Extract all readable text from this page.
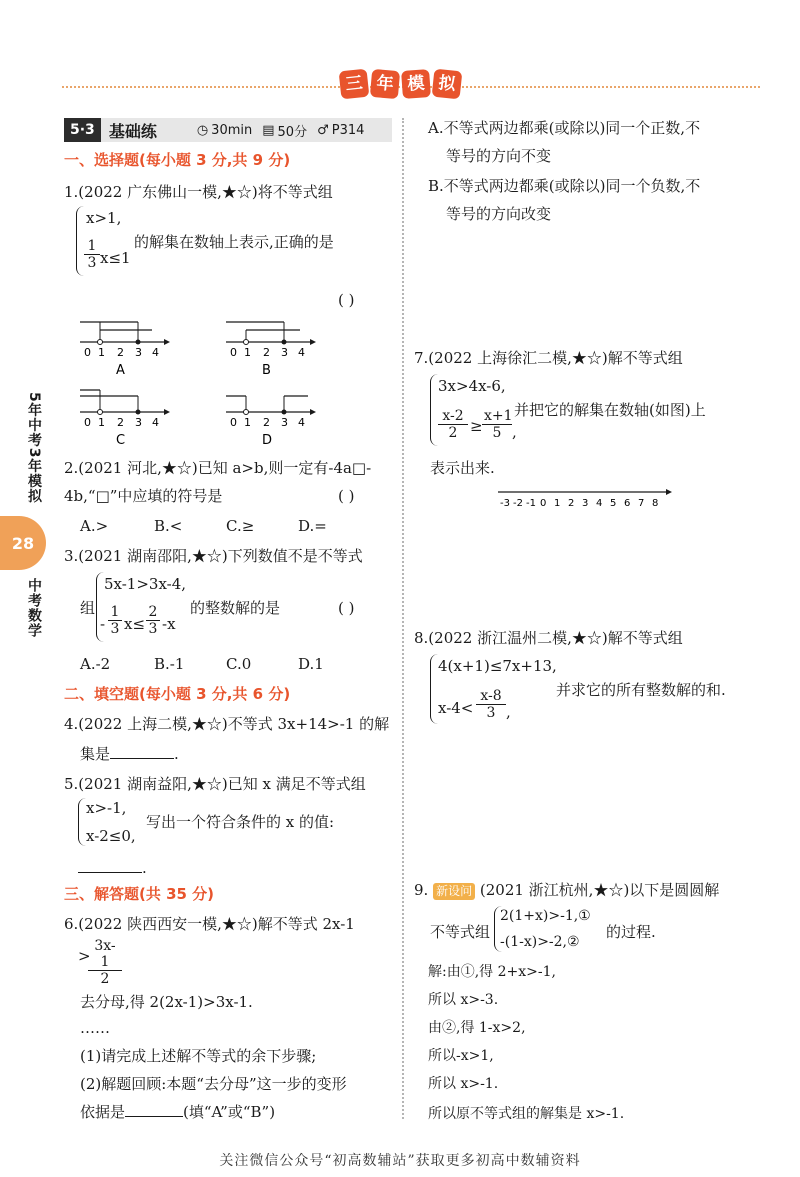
三 年 模 拟
5年中考3年模拟
28
中考数学
5·3 基础练	◷ 30min ▤ 50分 ♂ P314
一、选择题(每小题 3 分,共 9 分)
1.(2022 广东佛山一模,★☆)将不等式组
x>1,
$\frac{1}{3} x\le 1$
的解集在数轴上表示,正确的是
( )
0 1 2 3 4
A
0 1 2 3 4
B
0 1 2 3 4
C
0 1 2 3 4
D
2.(2021 河北,★☆)已知 a>b,则一定有-4a□-
4b,“□”中应填的符号是	( )
A.>	B.<	C.≥	D.=
3.(2021 湖南邵阳,★☆)下列数值不是不等式
组
5x-1>3x-4,
- $\frac{1}{3} x\le \frac{2}{3} -x$
的整数解的是	( )
A.-2	B.-1	C.0	D.1
二、填空题(每小题 3 分,共 6 分)
4.(2022 上海二模,★☆)不等式 3x+14>-1 的解
集是	.
5.(2021 湖南益阳,★☆)已知 x 满足不等式组
x>-1,
x-2≤0,
写出一个符合条件的 x 的值:
.
三、解答题(共 35 分)
6.(2022 陕西西安一模,★☆)解不等式 2x-1
>
$\frac{3x-1}{2}$
去分母,得 2(2x-1)>3x-1.
……
(1)请完成上述解不等式的余下步骤;
(2)解题回顾:本题“去分母”这一步的变形
依据是	(填“A”或“B”)
A.不等式两边都乘(或除以)同一个正数,不
等号的方向不变
B.不等式两边都乘(或除以)同一个负数,不
等号的方向改变
7.(2022 上海徐汇二模,★☆)解不等式组
3x>4x-6,
$\frac{x-2}{2} \ge \frac{x+1}{5}$ ,
并把它的解集在数轴(如图)上
表示出来.
-3 -2 -1 0 1 2 3 4 5 6 7 8
8.(2022 浙江温州二模,★☆)解不等式组
4(x+1)≤7x+13,
$x-4< \frac{x-8}{3}$ ,
并求它的所有整数解的和.
9. 新设问 (2021 浙江杭州,★☆)以下是圆圆解
不等式组
2(1+x)>-1,①
-(1-x)>-2,②
的过程.
解:由①,得 2+x>-1,
所以 x>-3.
由②,得 1-x>2,
所以-x>1,
所以 x>-1.
所以原不等式组的解集是 x>-1.
关注微信公众号“初高数辅站”获取更多初高中数辅资料
